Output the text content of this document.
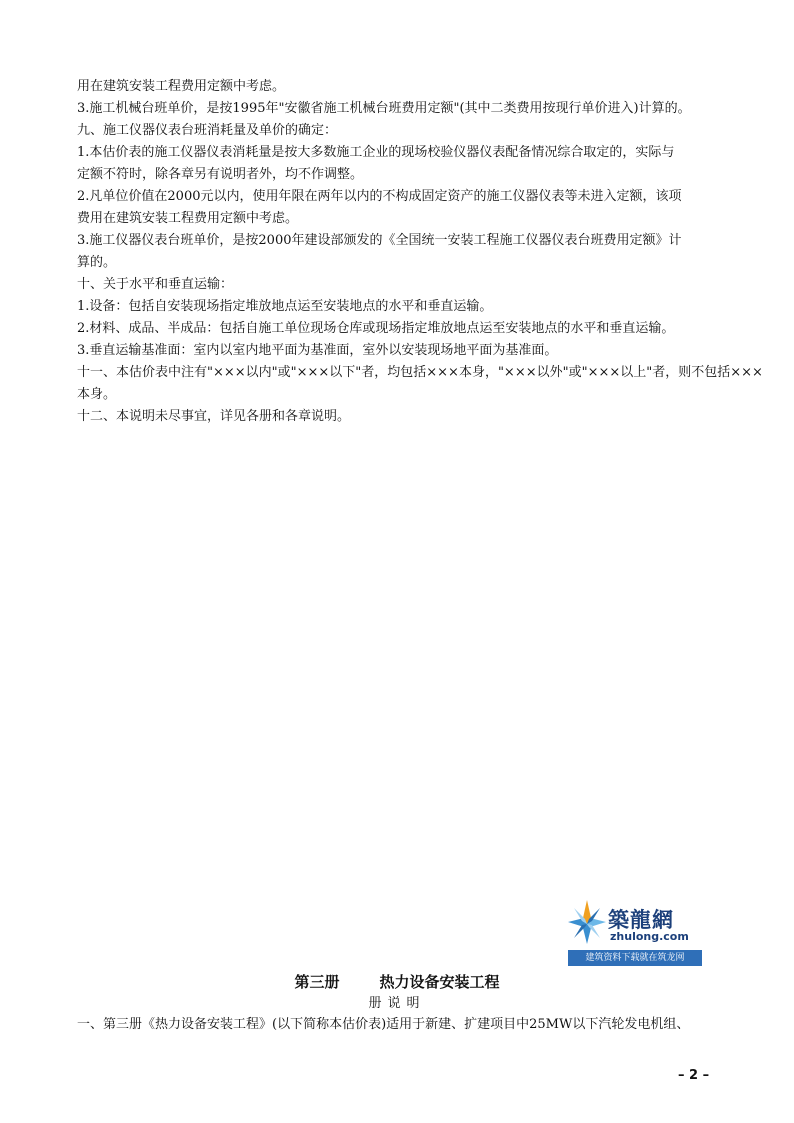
用在建筑安装工程费用定额中考虑。
3.施工机械台班单价，是按1995年"安徽省施工机械台班费用定额"(其中二类费用按现行单价进入)计算的。
九、施工仪器仪表台班消耗量及单价的确定：
1.本估价表的施工仪器仪表消耗量是按大多数施工企业的现场校验仪器仪表配备情况综合取定的，实际与
定额不符时，除各章另有说明者外，均不作调整。
2.凡单位价值在2000元以内，使用年限在两年以内的不构成固定资产的施工仪器仪表等未进入定额，该项
费用在建筑安装工程费用定额中考虑。
3.施工仪器仪表台班单价，是按2000年建设部颁发的《全国统一安装工程施工仪器仪表台班费用定额》计
算的。
十、关于水平和垂直运输：
1.设备：包括自安装现场指定堆放地点运至安装地点的水平和垂直运输。
2.材料、成品、半成品：包括自施工单位现场仓库或现场指定堆放地点运至安装地点的水平和垂直运输。
3.垂直运输基准面：室内以室内地平面为基准面，室外以安装现场地平面为基准面。
十一、本估价表中注有"×××以内"或"×××以下"者，均包括×××本身，"×××以外"或"×××以上"者，则不包括×××
本身。
十二、本说明未尽事宜，详见各册和各章说明。
築龍網
zhulong.com
建筑资料下载就在筑龙网
第三册	热力设备安装工程
册说明
一、第三册《热力设备安装工程》(以下简称本估价表)适用于新建、扩建项目中25MW以下汽轮发电机组、
– 2 –
